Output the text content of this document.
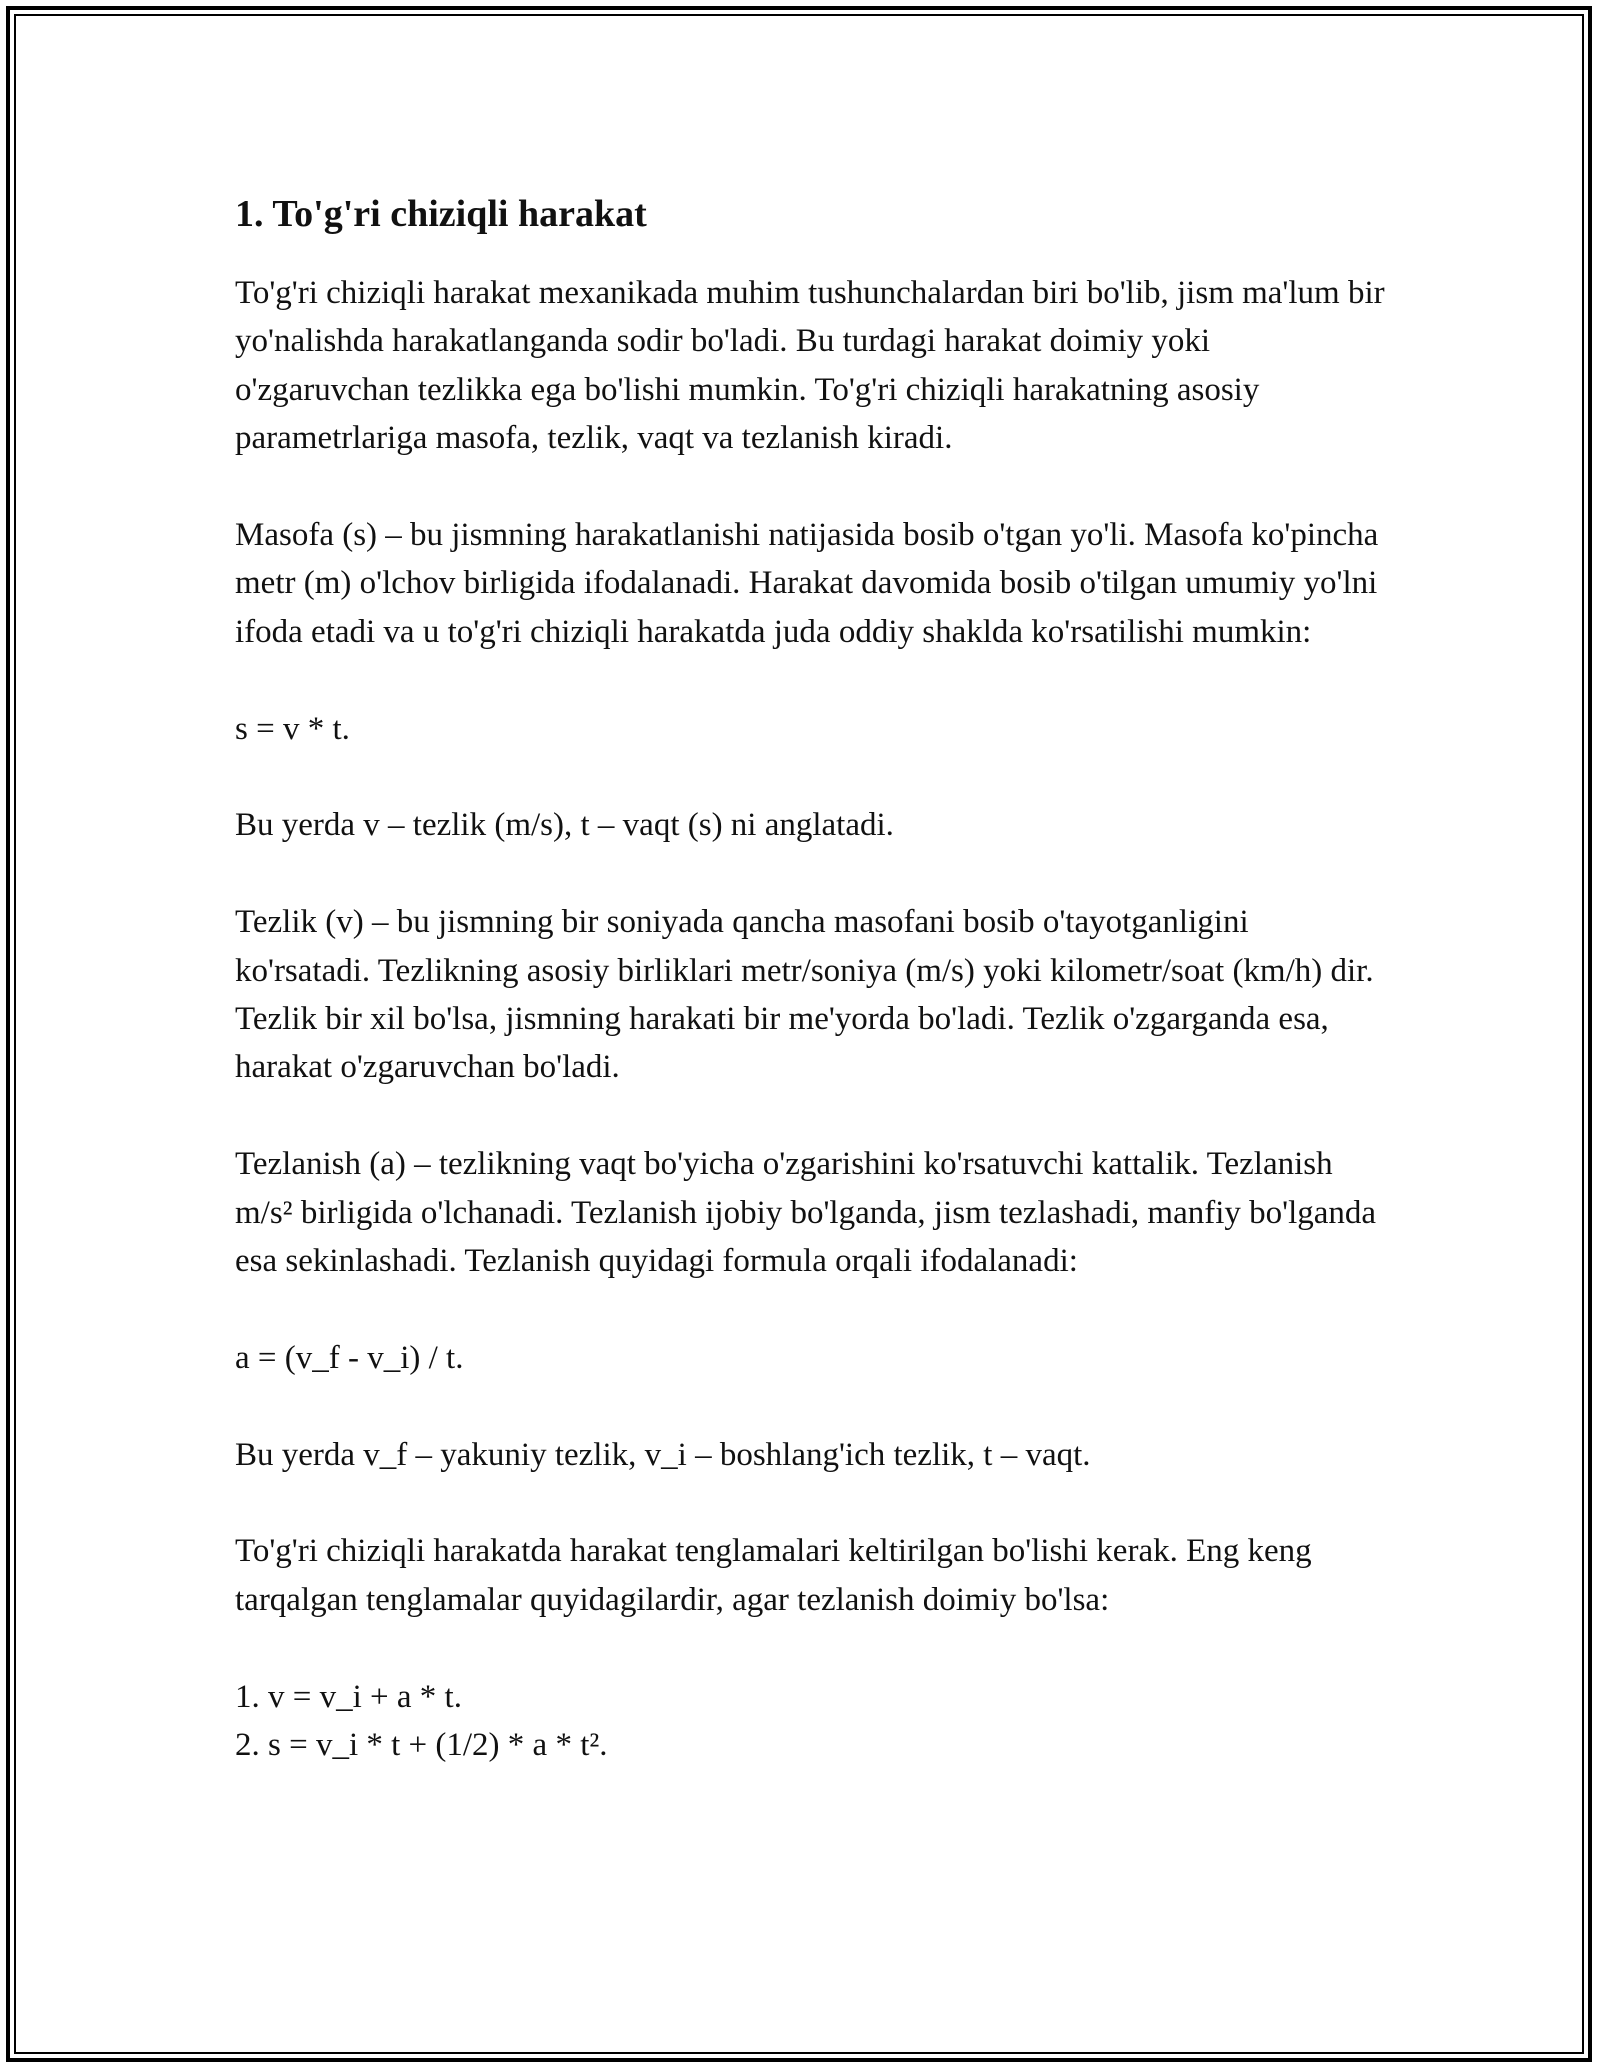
1. To'g'ri chiziqli harakat

To'g'ri chiziqli harakat mexanikada muhim tushunchalardan biri bo'lib, jism ma'lum bir yo'nalishda harakatlanganda sodir bo'ladi. Bu turdagi harakat doimiy yoki o'zgaruvchan tezlikka ega bo'lishi mumkin. To'g'ri chiziqli harakatning asosiy parametrlariga masofa, tezlik, vaqt va tezlanish kiradi.

Masofa (s) – bu jismning harakatlanishi natijasida bosib o'tgan yo'li. Masofa ko'pincha metr (m) o'lchov birligida ifodalanadi. Harakat davomida bosib o'tilgan umumiy yo'lni ifoda etadi va u to'g'ri chiziqli harakatda juda oddiy shaklda ko'rsatilishi mumkin:

s = v * t.

Bu yerda v – tezlik (m/s), t – vaqt (s) ni anglatadi.

Tezlik (v) – bu jismning bir soniyada qancha masofani bosib o'tayotganligini ko'rsatadi. Tezlikning asosiy birliklari metr/soniya (m/s) yoki kilometr/soat (km/h) dir. Tezlik bir xil bo'lsa, jismning harakati bir me'yorda bo'ladi. Tezlik o'zgarganda esa, harakat o'zgaruvchan bo'ladi.

Tezlanish (a) – tezlikning vaqt bo'yicha o'zgarishini ko'rsatuvchi kattalik. Tezlanish m/s² birligida o'lchanadi. Tezlanish ijobiy bo'lganda, jism tezlashadi, manfiy bo'lganda esa sekinlashadi. Tezlanish quyidagi formula orqali ifodalanadi:

a = (v_f - v_i) / t.

Bu yerda v_f – yakuniy tezlik, v_i – boshlang'ich tezlik, t – vaqt.

To'g'ri chiziqli harakatda harakat tenglamalari keltirilgan bo'lishi kerak. Eng keng tarqalgan tenglamalar quyidagilardir, agar tezlanish doimiy bo'lsa:

1. v = v_i + a * t.
2. s = v_i * t + (1/2) * a * t².
